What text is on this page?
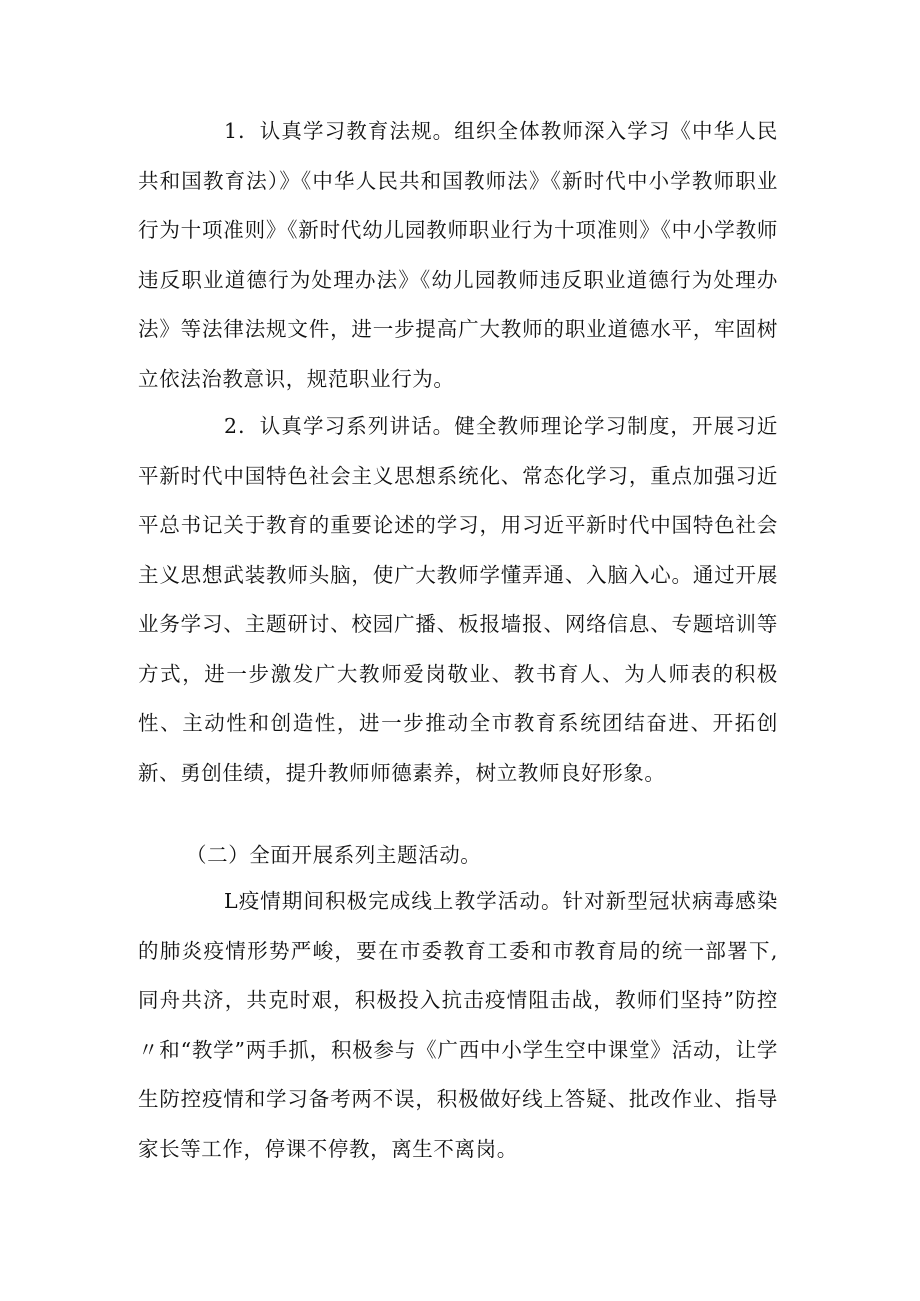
1．认真学习教育法规。组织全体教师深入学习《中华人民共和国教育法）》《中华人民共和国教师法》《新时代中小学教师职业行为十项准则》《新时代幼儿园教师职业行为十项准则》《中小学教师违反职业道德行为处理办法》《幼儿园教师违反职业道德行为处理办法》等法律法规文件，进一步提高广大教师的职业道德水平，牢固树立依法治教意识，规范职业行为。

2．认真学习系列讲话。健全教师理论学习制度，开展习近平新时代中国特色社会主义思想系统化、常态化学习，重点加强习近平总书记关于教育的重要论述的学习，用习近平新时代中国特色社会主义思想武装教师头脑，使广大教师学懂弄通、入脑入心。通过开展业务学习、主题研讨、校园广播、板报墙报、网络信息、专题培训等方式，进一步激发广大教师爱岗敬业、教书育人、为人师表的积极性、主动性和创造性，进一步推动全市教育系统团结奋进、开拓创新、勇创佳绩，提升教师师德素养，树立教师良好形象。

（二）全面开展系列主题活动。

L疫情期间积极完成线上教学活动。针对新型冠状病毒感染的肺炎疫情形势严峻，要在市委教育工委和市教育局的统一部署下,同舟共济，共克时艰，积极投入抗击疫情阻击战，教师们坚持”防控〃和“教学”两手抓，积极参与《广西中小学生空中课堂》活动，让学生防控疫情和学习备考两不误，积极做好线上答疑、批改作业、指导家长等工作，停课不停教，离生不离岗。
